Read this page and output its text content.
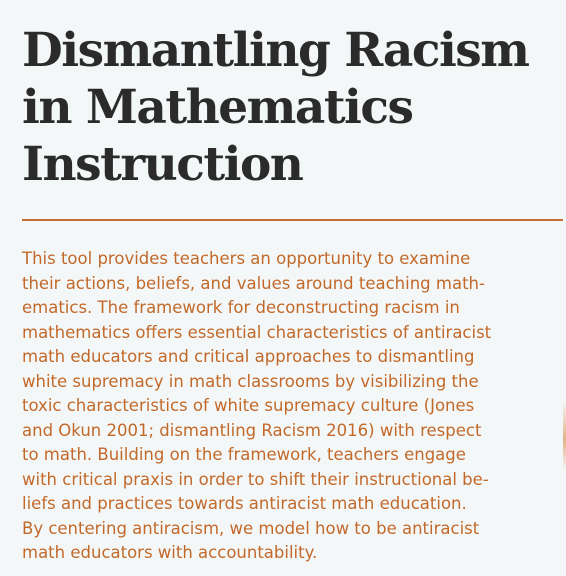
Dismantling Racism
in Mathematics
Instruction

This tool provides teachers an opportunity to examine
their actions, beliefs, and values around teaching math-
ematics. The framework for deconstructing racism in
mathematics offers essential characteristics of antiracist
math educators and critical approaches to dismantling
white supremacy in math classrooms by visibilizing the
toxic characteristics of white supremacy culture (Jones
and Okun 2001; dismantling Racism 2016) with respect
to math. Building on the framework, teachers engage
with critical praxis in order to shift their instructional be-
liefs and practices towards antiracist math education.
By centering antiracism, we model how to be antiracist
math educators with accountability.
